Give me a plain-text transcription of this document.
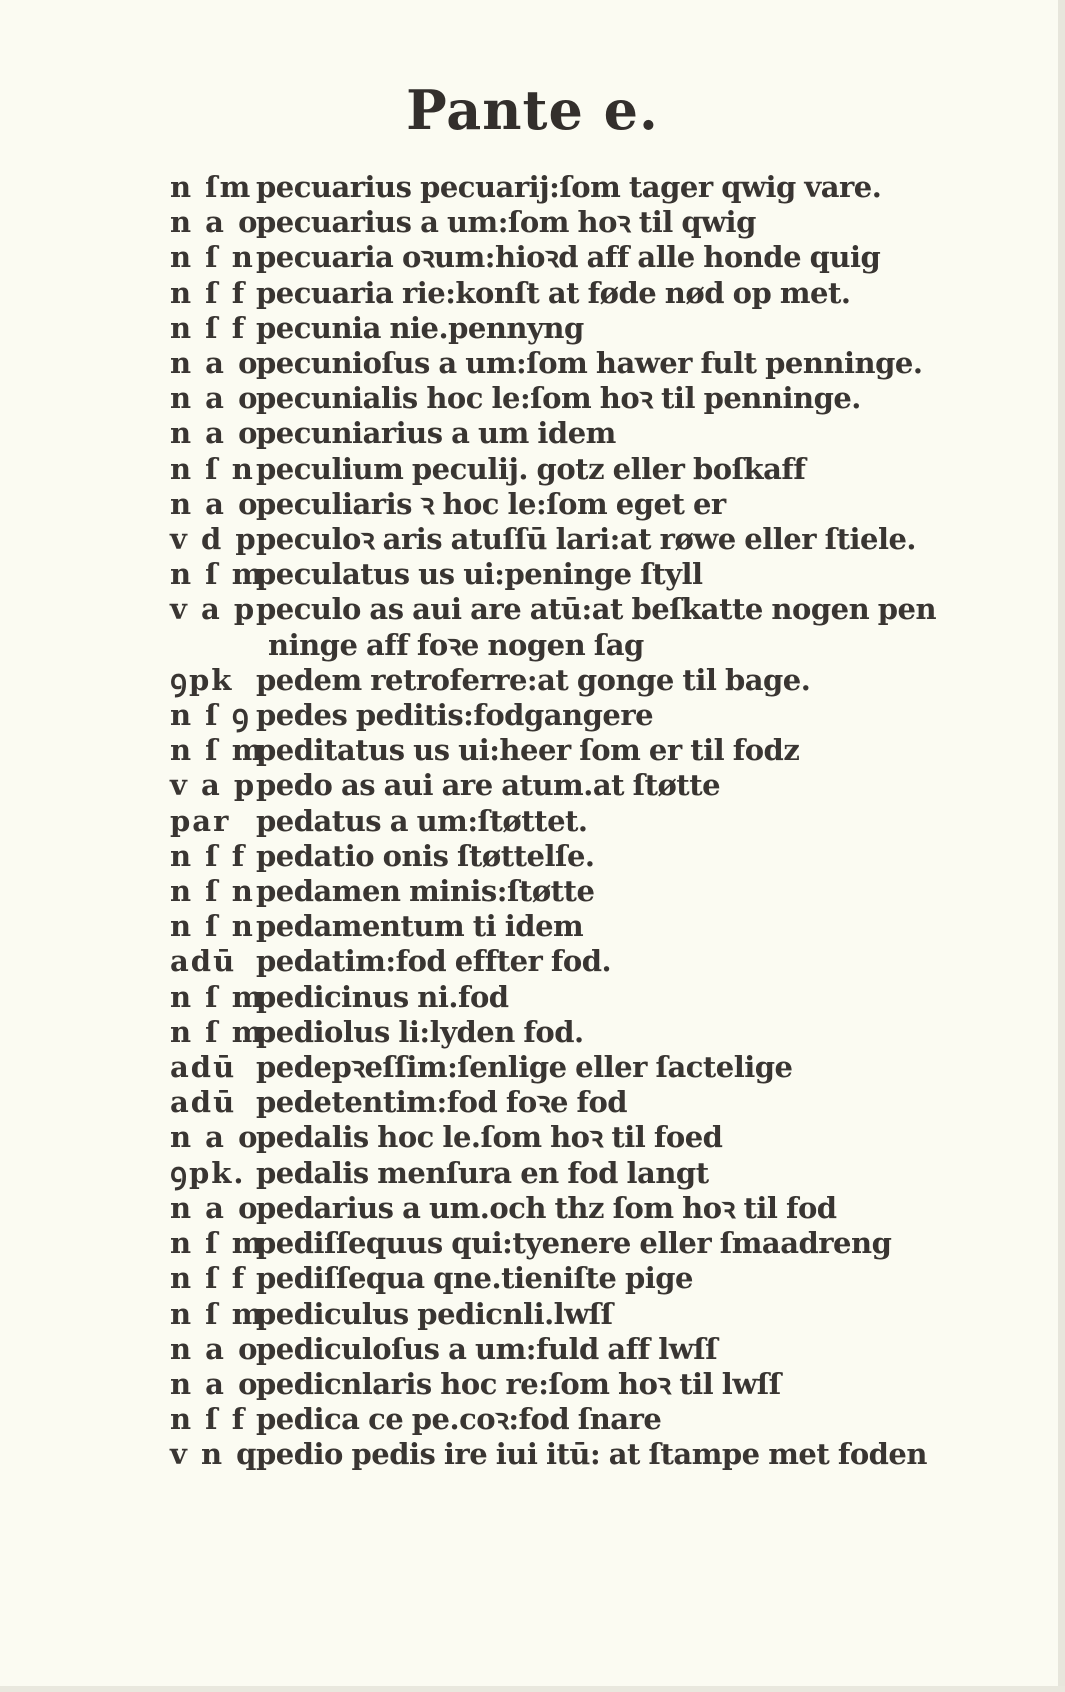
Pante e.
n ſm pecuarius pecuarij:ſom tager qwig vare.
n a o
pecuarius a um:ſom hoꝛ til qwig
n ſ n pecuaria oꝛum:hioꝛd aff alle honde quig
n ſ f pecuaria rie:konſt at føde nød op met.
n ſ f pecunia nie.pennyng
n a o
pecunioſus a um:ſom hawer fult penninge.
n a o
pecunialis hoc le:ſom hoꝛ til penninge.
n a o
pecuniarius a um idem
n ſ n peculium peculij. gotz eller boſkaff
n a o
peculiaris ꝛ hoc le:ſom eget er
v d p
peculoꝛ aris atuſſū lari:at røwe eller ſtiele.
n ſ m
peculatus us ui:peninge ſtyll
v a p peculo as aui are atū:at beſkatte nogen pen
ninge aff foꝛe nogen ſag
ꝯpk pedem retroferre:at gonge til bage.
n ſ ꝯ pedes peditis:fodgangere
n ſ m
peditatus us ui:heer ſom er til fodz
v a p pedo as aui are atum.at ſtøtte
par pedatus a um:ſtøttet.
n ſ f pedatio onis ſtøttelſe.
n ſ n pedamen minis:ſtøtte
n ſ n pedamentum ti idem
adū pedatim:fod effter fod.
n ſ m
pedicinus ni.fod
n ſ m
pediolus li:lyden fod.
adū pedepꝛeſſim:ſenlige eller ſactelige
adū pedetentim:fod foꝛe fod
n a o
pedalis hoc le.ſom hoꝛ til foed
ꝯpk. pedalis menſura en fod langt
n a o
pedarius a um.och thz ſom hoꝛ til fod
n ſ m
pediſſequus qui:tyenere eller ſmaadreng
n ſ f pediſſequa qne.tieniſte pige
n ſ m
pediculus pedicnli.lwſſ
n a o
pediculoſus a um:fuld aff lwſſ
n a o
pedicnlaris hoc re:ſom hoꝛ til lwſſ
n ſ f pedica ce pe.coꝛ:fod ſnare
v n q
pedio pedis ire iui itū: at ſtampe met foden
